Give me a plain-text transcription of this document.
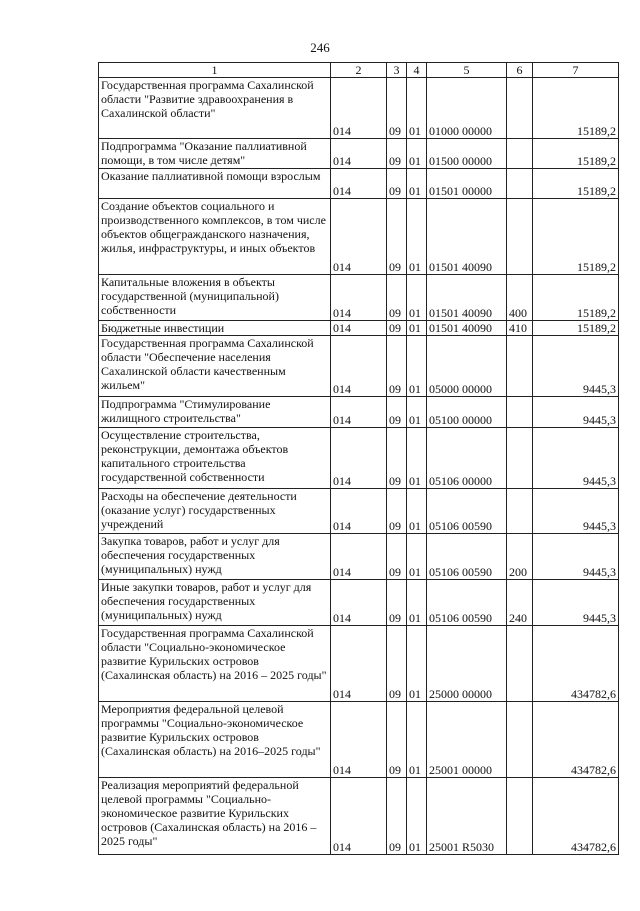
246
1	2	3	4	5	6	7
Государственная программа Сахалинской области "Развитие здравоохранения в Сахалинской области"	014	09	01	01000 00000		15189,2
Подпрограмма "Оказание паллиативной помощи, в том числе детям"	014	09	01	01500 00000		15189,2
Оказание паллиативной помощи взрослым	014	09	01	01501 00000		15189,2
Создание объектов социального и производственного комплексов, в том числе объектов общегражданского назначения, жилья, инфраструктуры, и иных объектов	014	09	01	01501 40090		15189,2
Капитальные вложения в объекты государственной (муниципальной) собственности	014	09	01	01501 40090	400	15189,2
Бюджетные инвестиции	014	09	01	01501 40090	410	15189,2
Государственная программа Сахалинской области "Обеспечение населения Сахалинской области качественным жильем"	014	09	01	05000 00000		9445,3
Подпрограмма "Стимулирование жилищного строительства"	014	09	01	05100 00000		9445,3
Осуществление строительства, реконструкции, демонтажа объектов капитального строительства государственной собственности	014	09	01	05106 00000		9445,3
Расходы на обеспечение деятельности (оказание услуг) государственных учреждений	014	09	01	05106 00590		9445,3
Закупка товаров, работ и услуг для обеспечения государственных (муниципальных) нужд	014	09	01	05106 00590	200	9445,3
Иные закупки товаров, работ и услуг для обеспечения государственных (муниципальных) нужд	014	09	01	05106 00590	240	9445,3
Государственная программа Сахалинской области "Социально-экономическое развитие Курильских островов (Сахалинская область) на 2016 – 2025 годы"	014	09	01	25000 00000		434782,6
Мероприятия федеральной целевой программы "Социально-экономическое развитие Курильских островов (Сахалинская область) на 2016–2025 годы"	014	09	01	25001 00000		434782,6
Реализация мероприятий федеральной целевой программы "Социально-экономическое развитие Курильских островов (Сахалинская область) на 2016 –2025 годы"	014	09	01	25001 R5030		434782,6
